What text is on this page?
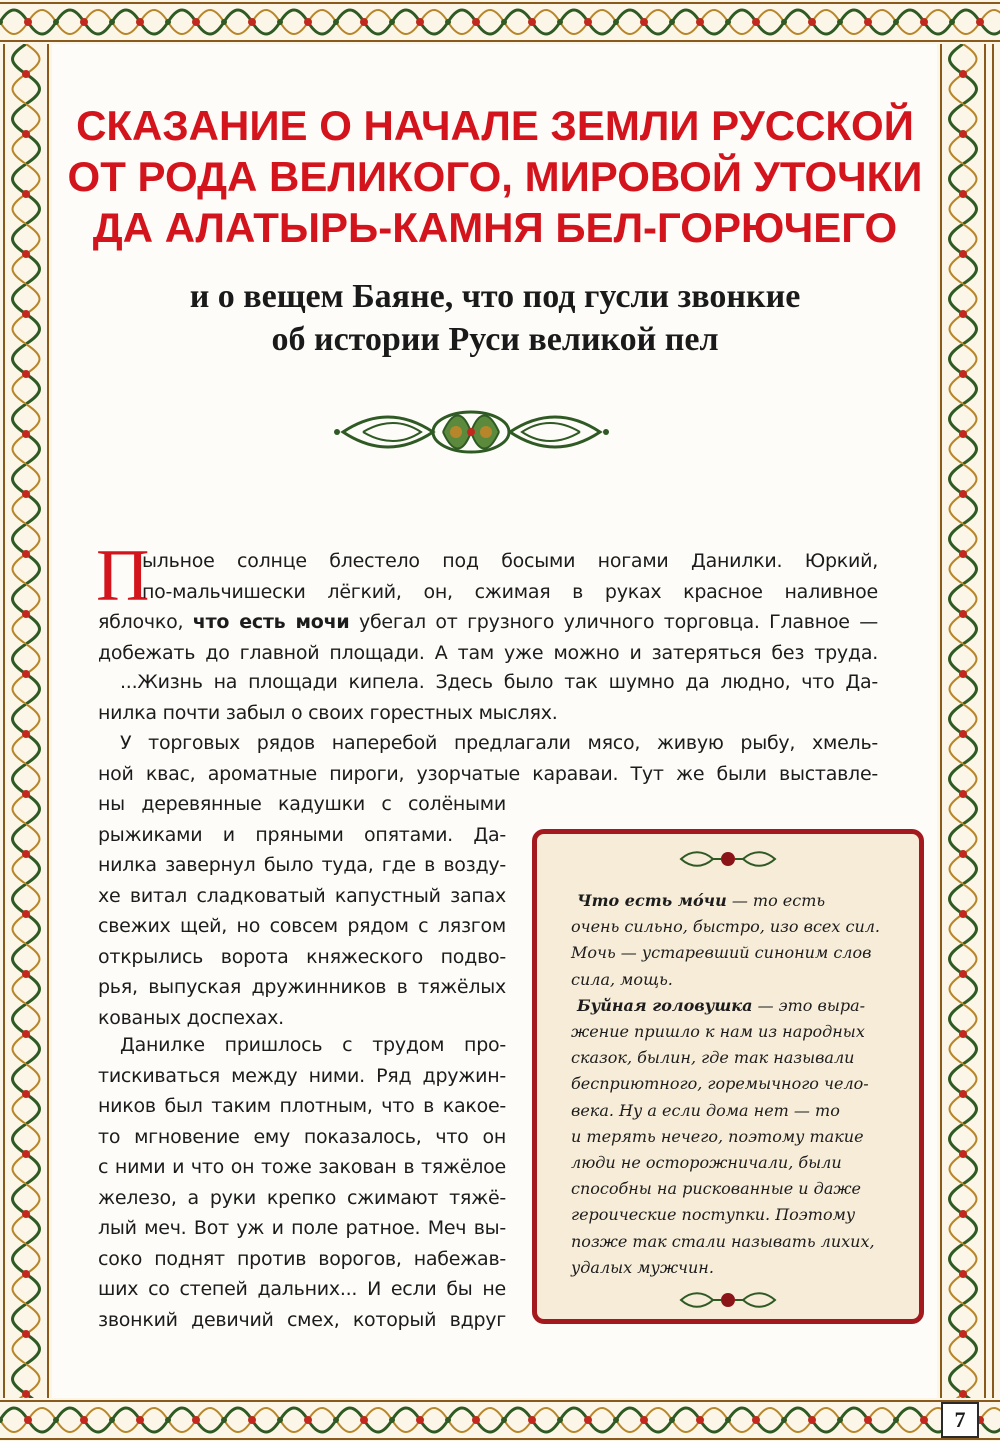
СКАЗАНИЕ О НАЧАЛЕ ЗЕМЛИ РУССКОЙ
ОТ РОДА ВЕЛИКОГО, МИРОВОЙ УТОЧКИ
ДА АЛАТЫРЬ-КАМНЯ БЕЛ-ГОРЮЧЕГО
и о вещем Баяне, что под гусли звонкие
об истории Руси великой пел
П

ыльное солнце блестело под босыми ногами Данилки. Юркий,
по-мальчишески лёгкий, он, сжимая в руках красное наливное
яблочко, что есть мочи убегал от грузного уличного торговца. Главное —
добежать до главной площади. А там уже можно и затеряться без труда.

...Жизнь на площади кипела. Здесь было так шумно да людно, что Да-
нилка почти забыл о своих горестных мыслях.

У торговых рядов наперебой предлагали мясо, живую рыбу, хмель-
ной квас, ароматные пироги, узорчатые караваи. Тут же были выставле-

ны деревянные кадушки с солёными
рыжиками и пряными опятами. Да-
нилка завернул было туда, где в возду-
хе витал сладковатый капустный запах
свежих щей, но совсем рядом с лязгом
открылись ворота княжеского подво-
рья, выпуская дружинников в тяжёлых
кованых доспехах.

Данилке пришлось с трудом про-
тискиваться между ними. Ряд дружин-
ников был таким плотным, что в какое-
то мгновение ему показалось, что он
с ними и что он тоже закован в тяжёлое
железо, а руки крепко сжимают тяжё-
лый меч. Вот уж и поле ратное. Меч вы-
соко поднят против ворогов, набежав-
ших со степей дальних... И если бы не
звонкий девичий смех, который вдруг

Что есть мо́чи — то есть
очень сильно, быстро, изо всех сил.
Мочь — устаревший синоним слов
сила, мощь.
Буйная головушка — это выра-
жение пришло к нам из народных
сказок, былин, где так называли
бесприютного, горемычного чело-
века. Ну а если дома нет — то
и терять нечего, поэтому такие
люди не осторожничали, были
способны на рискованные и даже
героические поступки. Поэтому
позже так стали называть лихих,
удалых мужчин.
7
